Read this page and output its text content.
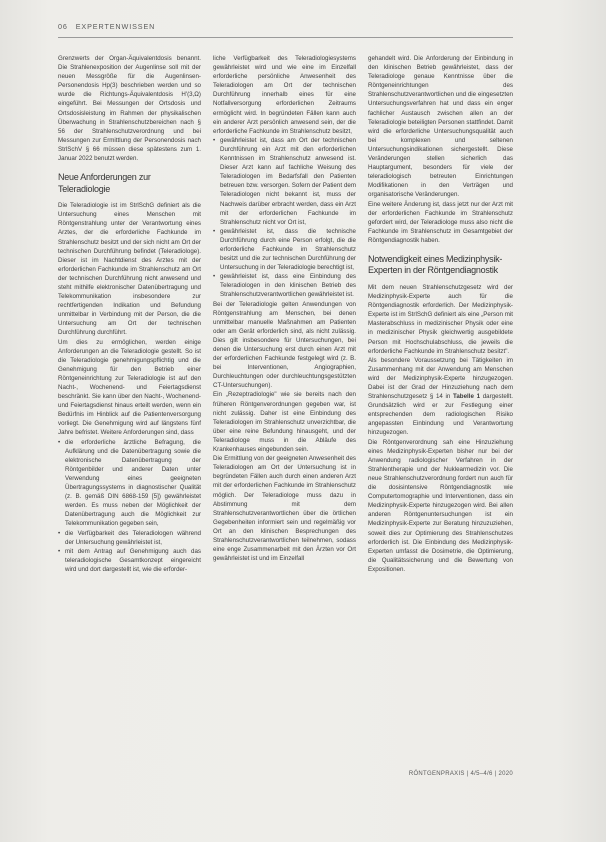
06 EXPERTENWISSEN

Grenzwerts der Organ-Äquivalentdosis benannt. Die Strahlenexposition der Augenlinse soll mit der neuen Messgröße für die Augenlinsen-Personendosis Hp(3) beschrieben werden und so wurde die Richtungs-Äquivalentdosis H'(3,Ω) eingeführt. Bei Messungen der Ortsdosis und Ortsdosisleistung im Rahmen der physikalischen Überwachung in Strahlenschutzbereichen nach § 56 der Strahlenschutzverordnung und bei Messungen zur Ermittlung der Personendosis nach StrlSchV § 66 müssen diese spätestens zum 1. Januar 2022 benutzt werden.

Neue Anforderungen zur Teleradiologie

Die Teleradiologie ist im StrlSchG definiert als die Untersuchung eines Menschen mit Röntgenstrahlung unter der Verantwortung eines Arztes, der die erforderliche Fachkunde im Strahlenschutz besitzt und der sich nicht am Ort der technischen Durchführung befindet (Teleradiologe). Dieser ist im Nachtdienst des Arztes mit der erforderlichen Fachkunde im Strahlenschutz am Ort der technischen Durchführung nicht anwesend und steht mithilfe elektronischer Datenübertragung und Telekommunikation insbesondere zur rechtfertigenden Indikation und Befundung unmittelbar in Verbindung mit der Person, die die Untersuchung am Ort der technischen Durchführung durchführt.

Um dies zu ermöglichen, werden einige Anforderungen an die Teleradiologie gestellt. So ist die Teleradiologie genehmigungspflichtig und die Genehmigung für den Betrieb einer Röntgeneinrichtung zur Teleradiologie ist auf den Nacht-, Wochenend- und Feiertagsdienst beschränkt. Sie kann über den Nacht-, Wochenend- und Feiertagsdienst hinaus erteilt werden, wenn ein Bedürfnis im Hinblick auf die Patientenversorgung vorliegt. Die Genehmigung wird auf längstens fünf Jahre befristet. Weitere Anforderungen sind, dass

• die erforderliche ärztliche Befragung, die Aufklärung und die Datenübertragung sowie die elektronische Datenübertragung der Röntgenbilder und anderer Daten unter Verwendung eines geeigneten Übertragungssystems in diagnostischer Qualität (z. B. gemäß DIN 6868-159 [5]) gewährleistet werden. Es muss neben der Möglichkeit der Datenübertragung auch die Möglichkeit zur Telekommunikation gegeben sein,
• die Verfügbarkeit des Teleradiologen während der Untersuchung gewährleistet ist,
• mit dem Antrag auf Genehmigung auch das teleradiologische Gesamtkonzept eingereicht wird und dort dargestellt ist, wie die erforder-

liche Verfügbarkeit des Teleradiologiesystems gewährleistet wird und wie eine im Einzelfall erforderliche persönliche Anwesenheit des Teleradiologen am Ort der technischen Durchführung innerhalb eines für eine Notfallversorgung erforderlichen Zeitraums ermöglicht wird. In begründeten Fällen kann auch ein anderer Arzt persönlich anwesend sein, der die erforderliche Fachkunde im Strahlenschutz besitzt,

• gewährleistet ist, dass am Ort der technischen Durchführung ein Arzt mit den erforderlichen Kenntnissen im Strahlenschutz anwesend ist. Dieser Arzt kann auf fachliche Weisung des Teleradiologen im Bedarfsfall den Patienten betreuen bzw. versorgen. Sofern der Patient dem Teleradiologen nicht bekannt ist, muss der Nachweis darüber erbracht werden, dass ein Arzt mit der erforderlichen Fachkunde im Strahlenschutz nicht vor Ort ist,
• gewährleistet ist, dass die technische Durchführung durch eine Person erfolgt, die die erforderliche Fachkunde im Strahlenschutz besitzt und die zur technischen Durchführung der Untersuchung in der Teleradiologie berechtigt ist,
• gewährleistet ist, dass eine Einbindung des Teleradiologen in den klinischen Betrieb des Strahlenschutzverantwortlichen gewährleistet ist.

Bei der Teleradiologie gelten Anwendungen von Röntgenstrahlung am Menschen, bei denen unmittelbar manuelle Maßnahmen am Patienten oder am Gerät erforderlich sind, als nicht zulässig. Dies gilt insbesondere für Untersuchungen, bei denen die Untersuchung erst durch einen Arzt mit der erforderlichen Fachkunde festgelegt wird (z. B. bei Interventionen, Angiographien, Durchleuchtungen oder durchleuchtungsgestützten CT-Untersuchungen).

Ein „Rezeptradiologie" wie sie bereits nach den früheren Röntgenverordnungen gegeben war, ist nicht zulässig. Daher ist eine Einbindung des Teleradiologen im Strahlenschutz unverzichtbar, die über eine reine Befundung hinausgeht, und der Teleradiologe muss in die Abläufe des Krankenhauses eingebunden sein.

Die Ermittlung von der geeigneten Anwesenheit des Teleradiologen am Ort der Untersuchung ist in begründeten Fällen auch durch einen anderen Arzt mit der erforderlichen Fachkunde im Strahlenschutz möglich. Der Teleradiologe muss dazu in Abstimmung mit dem Strahlenschutzverantwortlichen über die örtlichen Gegebenheiten informiert sein und regelmäßig vor Ort an den klinischen Besprechungen des Strahlenschutzverantwortlichen teilnehmen, sodass eine enge Zusammenarbeit mit den Ärzten vor Ort gewährleistet ist und im Einzelfall

gehandelt wird. Die Anforderung der Einbindung in den klinischen Betrieb gewährleistet, dass der Teleradiologe genaue Kenntnisse über die Röntgeneinrichtungen des Strahlenschutzverantwortlichen und die eingesetzten Untersuchungsverfahren hat und dass ein enger fachlicher Austausch zwischen allen an der Teleradiologie beteiligten Personen stattfindet. Damit wird die erforderliche Untersuchungsqualität auch bei komplexen und seltenen Untersuchungsindikationen sichergestellt. Diese Veränderungen stellen sicherlich das Hauptargument, besonders für viele der teleradiologisch betreuten Einrichtungen Modifikationen in den Verträgen und organisatorische Veränderungen.

Eine weitere Änderung ist, dass jetzt nur der Arzt mit der erforderlichen Fachkunde im Strahlenschutz gefordert wird, der Teleradiologe muss also nicht die Fachkunde im Strahlenschutz im Gesamtgebiet der Röntgendiagnostik haben.

Notwendigkeit eines Medizinphysik-Experten in der Röntgendiagnostik

Mit dem neuen Strahlenschutzgesetz wird der Medizinphysik-Experte auch für die Röntgendiagnostik erforderlich. Der Medizinphysik-Experte ist im StrlSchG definiert als eine „Person mit Masterabschluss in medizinischer Physik oder eine in medizinischer Physik gleichwertig ausgebildete Person mit Hochschulabschluss, die jeweils die erforderliche Fachkunde im Strahlenschutz besitzt".

Als besondere Voraussetzung bei Tätigkeiten im Zusammenhang mit der Anwendung am Menschen wird der Medizinphysik-Experte hinzugezogen. Dabei ist der Grad der Hinzuziehung nach dem Strahlenschutzgesetz § 14 in Tabelle 1 dargestellt. Grundsätzlich wird er zur Festlegung einer entsprechenden dem radiologischen Risiko angepassten Einbindung und Verantwortung hinzugezogen.

Die Röntgenverordnung sah eine Hinzuziehung eines Medizinphysik-Experten bisher nur bei der Anwendung radiologischer Verfahren in der Strahlentherapie und der Nuklearmedizin vor. Die neue Strahlenschutzverordnung fordert nun auch für die dosisintensive Röntgendiagnostik wie Computertomographie und Interventionen, dass ein Medizinphysik-Experte hinzugezogen wird. Bei allen anderen Röntgenuntersuchungen ist ein Medizinphysik-Experte zur Beratung hinzuzuziehen, soweit dies zur Optimierung des Strahlenschutzes erforderlich ist. Die Einbindung des Medizinphysik-Experten umfasst die Dosimetrie, die Optimierung, die Qualitätssicherung und die Bewertung von Expositionen.

RÖNTGENPRAXIS | 4/5–4/6 | 2020
